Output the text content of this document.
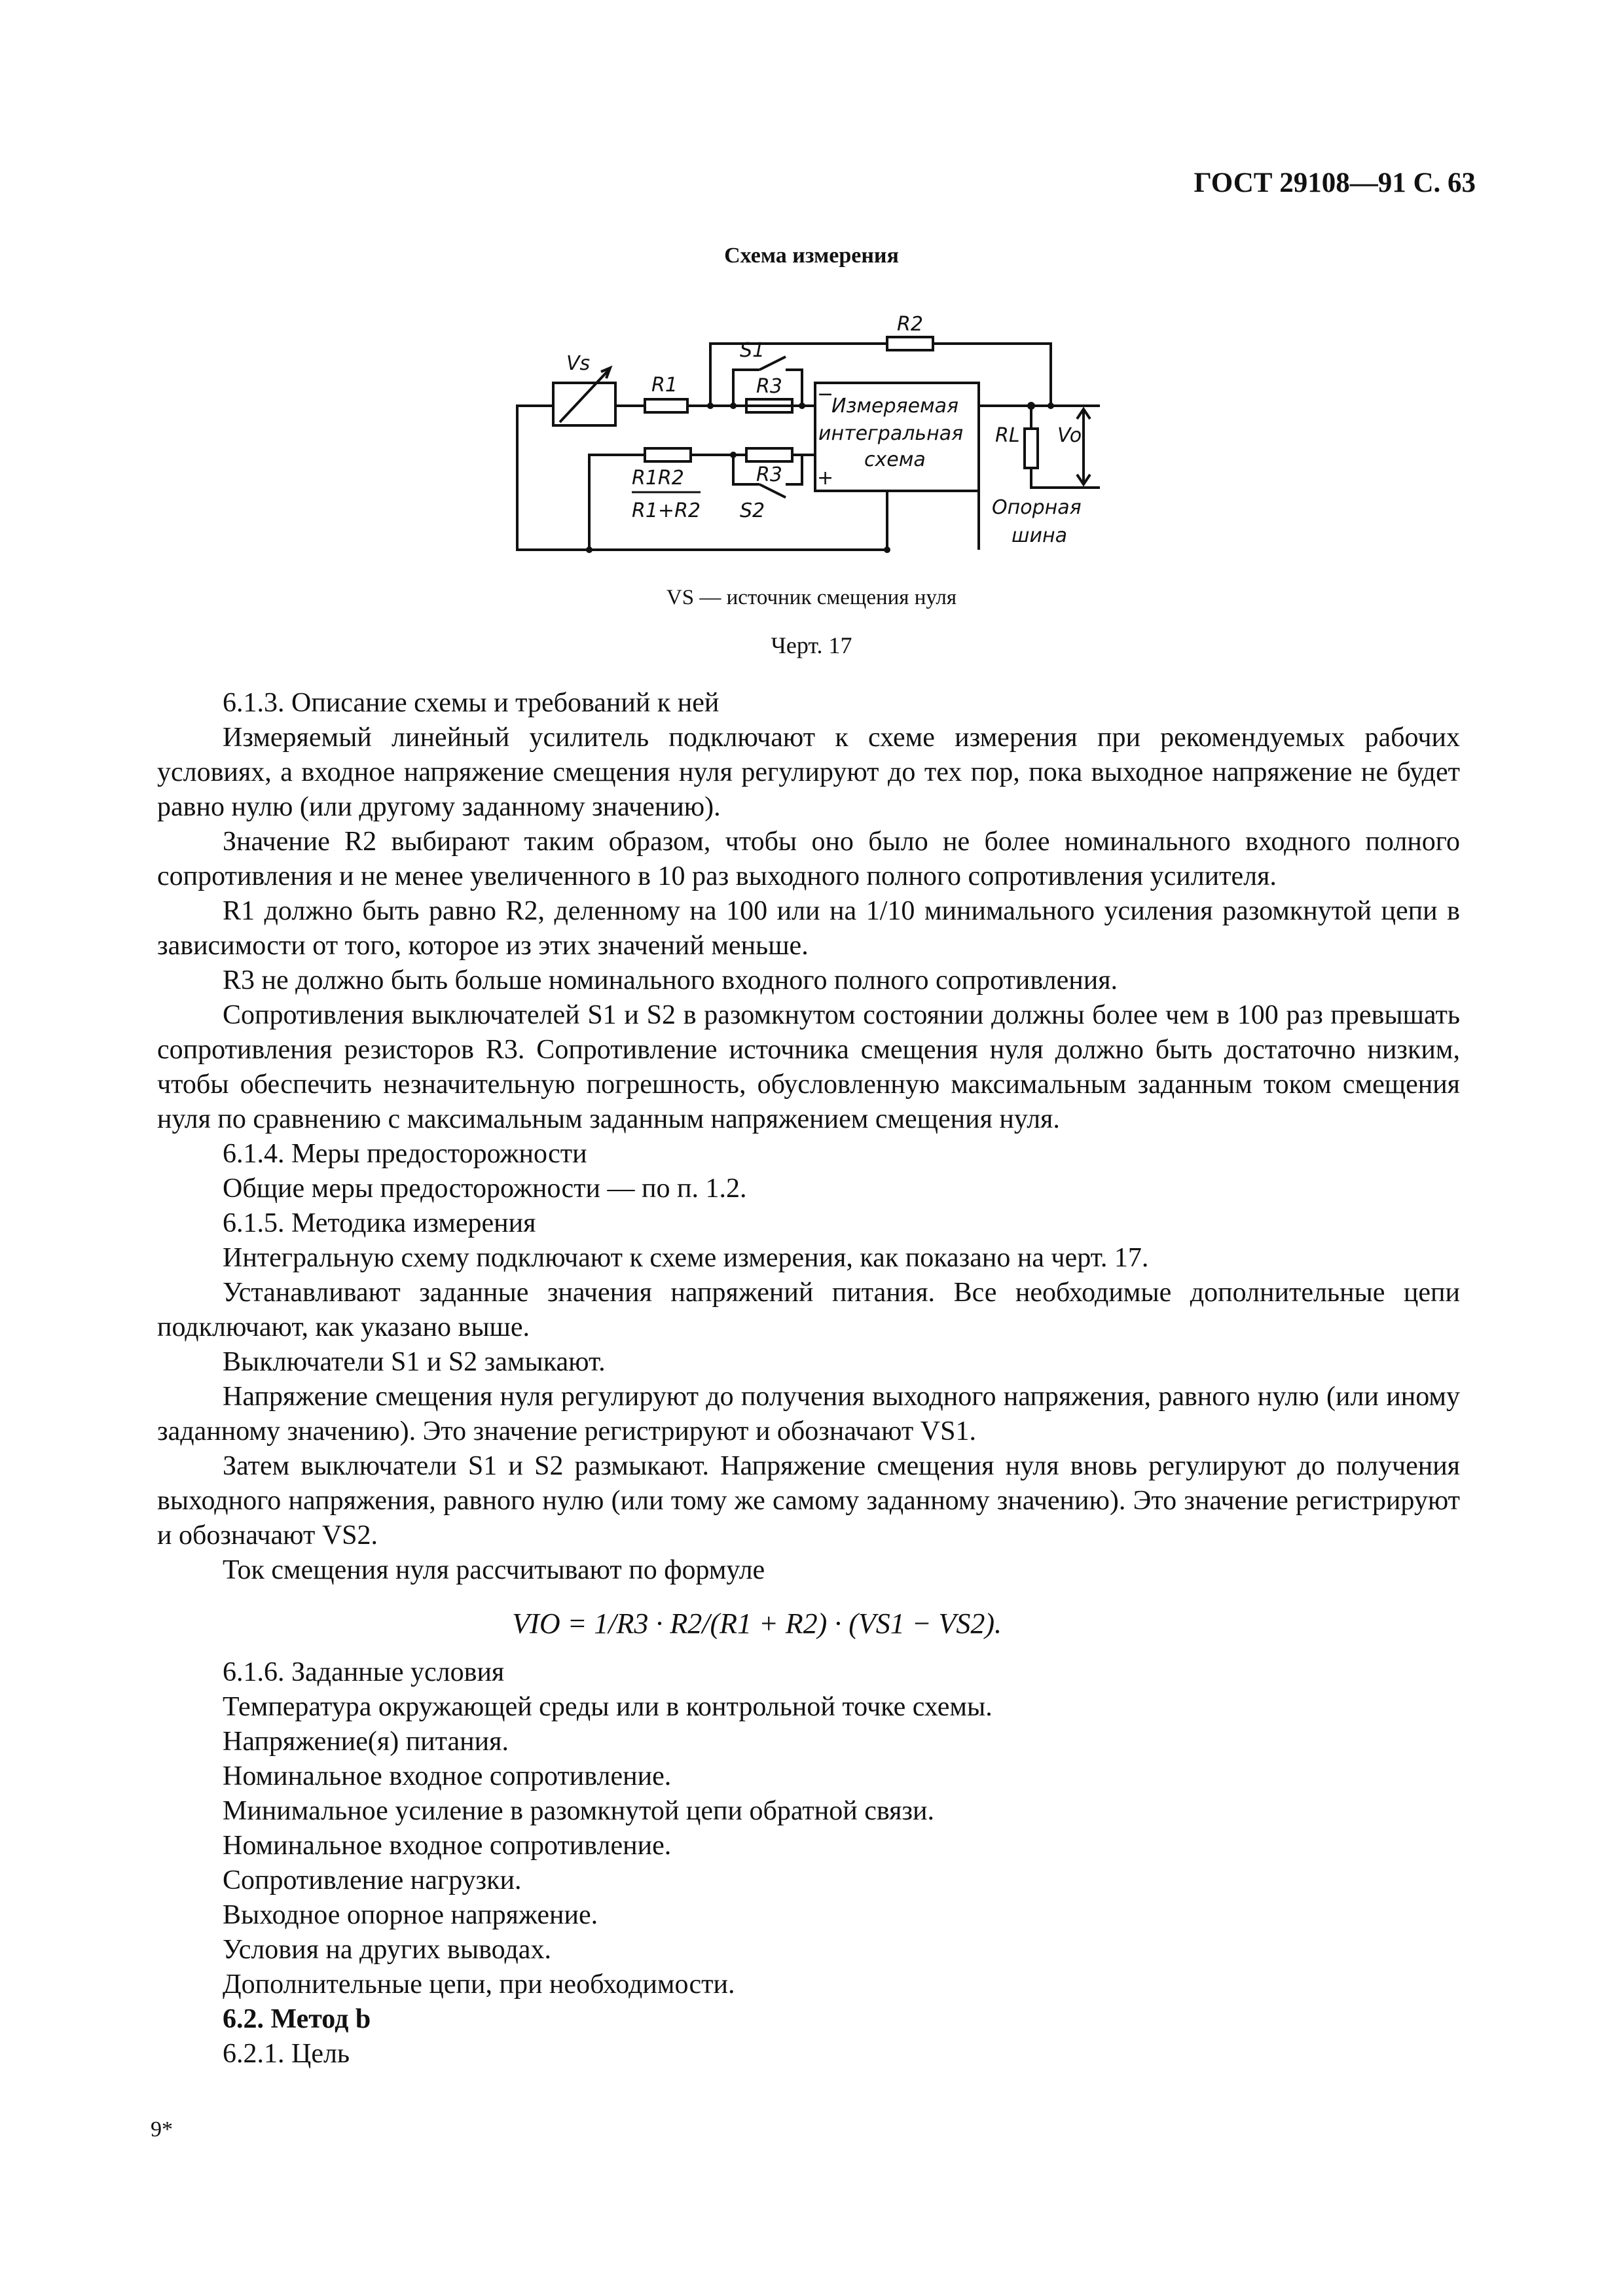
ГОСТ 29108—91 С. 63
Схема измерения
Vs
R1
R2
S1
R3 −
Измеряемая
интегральная
схема
+
RL Vo
R1R2
R1+R2
R3
S2	Опорная
шина
VS — источник смещения нуля
Черт. 17

6.1.3. Описание схемы и требований к ней

Измеряемый линейный усилитель подключают к схеме измерения при рекомендуемых рабочих условиях, а входное напряжение смещения нуля регулируют до тех пор, пока выходное напряжение не будет равно нулю (или другому заданному значению).

Значение R2 выбирают таким образом, чтобы оно было не более номинального входного полного сопротивления и не менее увеличенного в 10 раз выходного полного сопротивления усилителя.

R1 должно быть равно R2, деленному на 100 или на 1/10 минимального усиления разомкнутой цепи в зависимости от того, которое из этих значений меньше.

R3 не должно быть больше номинального входного полного сопротивления.

Сопротивления выключателей S1 и S2 в разомкнутом состоянии должны более чем в 100 раз превышать сопротивления резисторов R3. Сопротивление источника смещения нуля должно быть достаточно низким, чтобы обеспечить незначительную погрешность, обусловленную максимальным заданным током смещения нуля по сравнению с максимальным заданным напряжением смещения нуля.

6.1.4. Меры предосторожности

Общие меры предосторожности — по п. 1.2.

6.1.5. Методика измерения

Интегральную схему подключают к схеме измерения, как показано на черт. 17.

Устанавливают заданные значения напряжений питания. Все необходимые дополнительные цепи подключают, как указано выше.

Выключатели S1 и S2 замыкают.

Напряжение смещения нуля регулируют до получения выходного напряжения, равного нулю (или иному заданному значению). Это значение регистрируют и обозначают VS1.

Затем выключатели S1 и S2 размыкают. Напряжение смещения нуля вновь регулируют до получения выходного напряжения, равного нулю (или тому же самому заданному значению). Это значение регистрируют и обозначают VS2.

Ток смещения нуля рассчитывают по формуле

VIO = 1/R3 · R2/(R1 + R2) · (VS1 − VS2).

6.1.6. Заданные условия

Температура окружающей среды или в контрольной точке схемы.

Напряжение(я) питания.

Номинальное входное сопротивление.

Минимальное усиление в разомкнутой цепи обратной связи.

Номинальное входное сопротивление.

Сопротивление нагрузки.

Выходное опорное напряжение.

Условия на других выводах.

Дополнительные цепи, при необходимости.

6.2. Метод b

6.2.1. Цель

9*
